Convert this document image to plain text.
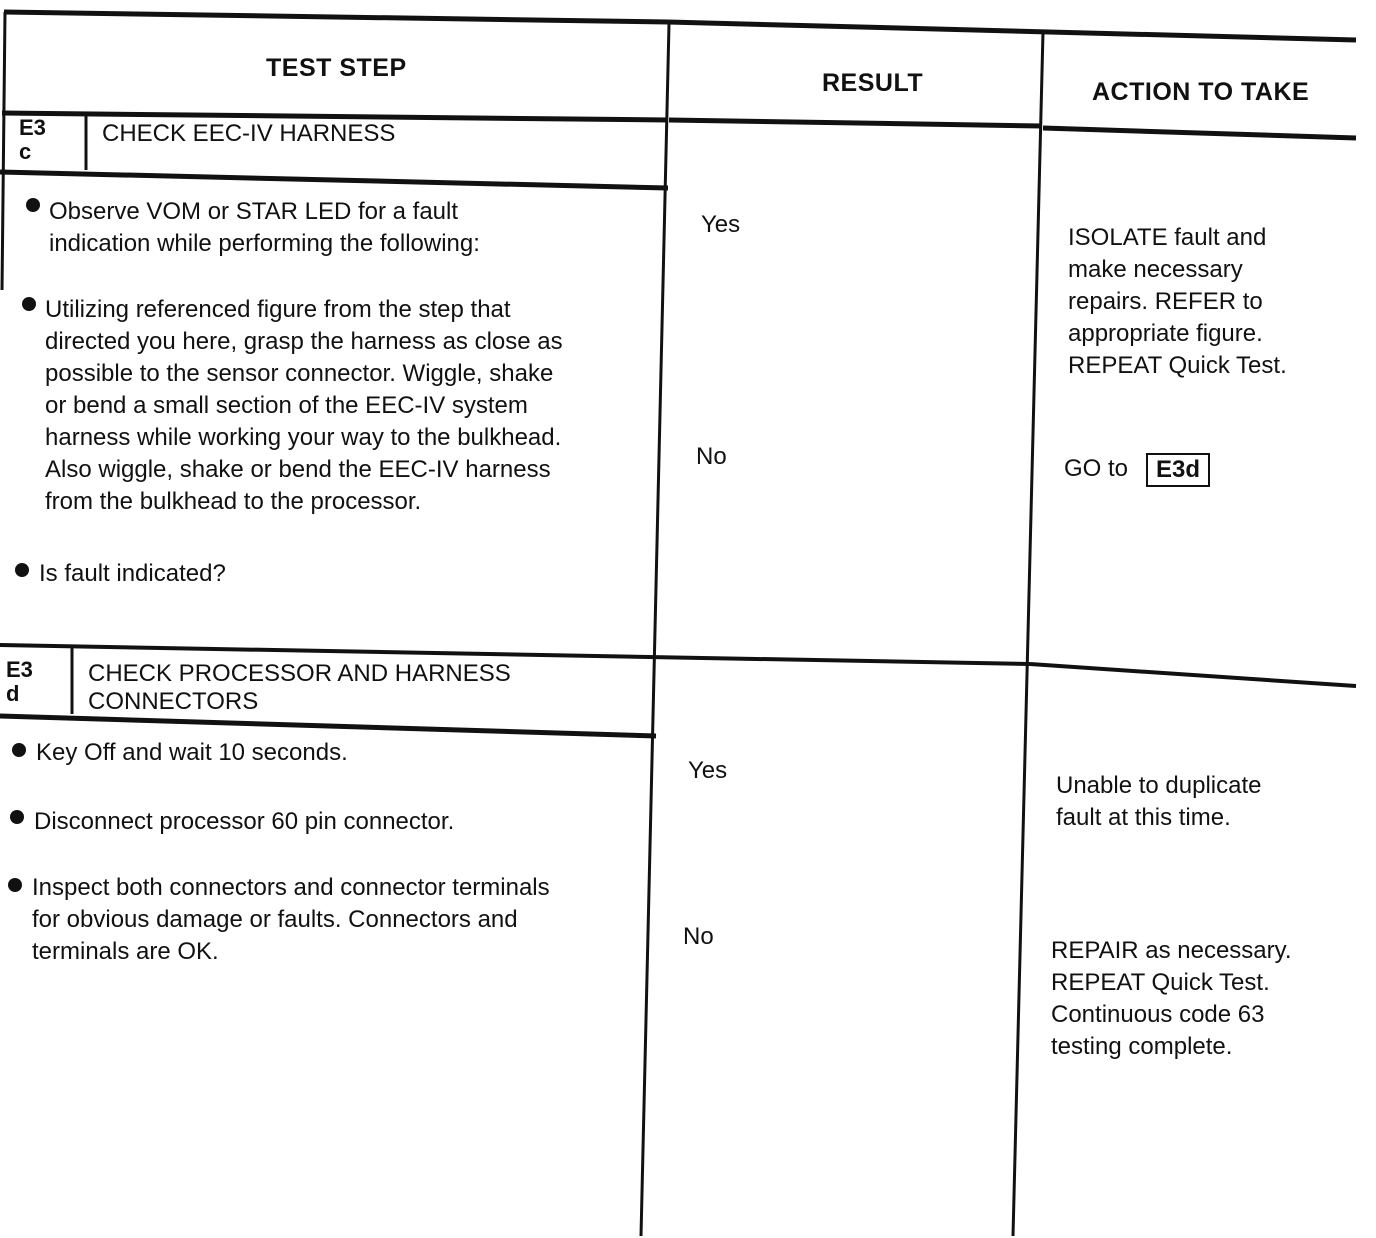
TEST STEP
RESULT	ACTION TO TAKE
E3
c
CHECK EEC-IV HARNESS
Observe VOM or STAR LED for a fault
indication while performing the following:
Utilizing referenced figure from the step that
directed you here, grasp the harness as close as
possible to the sensor connector. Wiggle, shake
or bend a small section of the EEC-IV system
harness while working your way to the bulkhead.
Also wiggle, shake or bend the EEC-IV harness
from the bulkhead to the processor.
Is fault indicated?
Yes
No
ISOLATE fault and
make necessary
repairs. REFER to
appropriate figure.
REPEAT Quick Test.
GO to	E3d
E3
d
CHECK PROCESSOR AND HARNESS
CONNECTORS
Key Off and wait 10 seconds.
Disconnect processor 60 pin connector.
Inspect both connectors and connector terminals
for obvious damage or faults. Connectors and
terminals are OK.
Yes
No
Unable to duplicate
fault at this time.
REPAIR as necessary.
REPEAT Quick Test.
Continuous code 63
testing complete.
